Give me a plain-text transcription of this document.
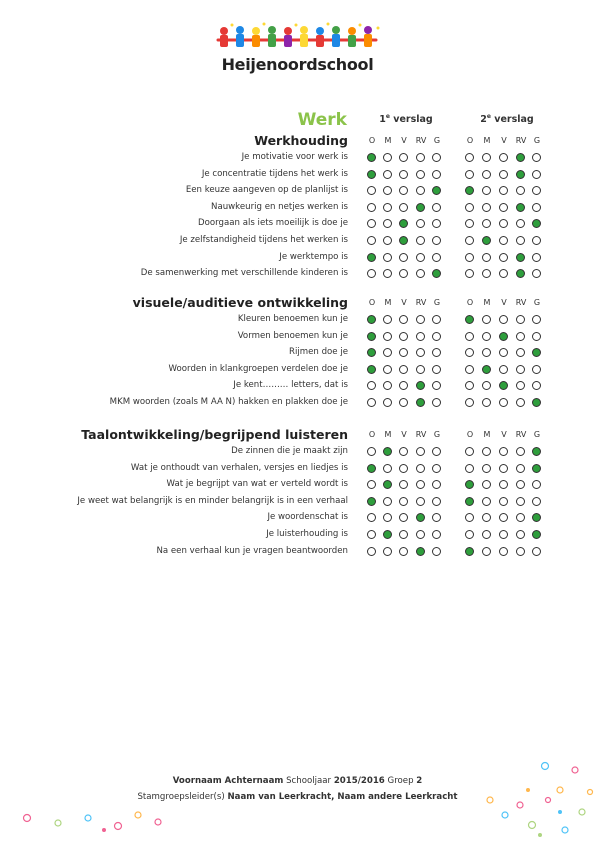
Heijenoordschool
Werk	1e verslag	2e verslag
Werkhouding	O	M	V	RV G	O	M	V	RV G
Je motivatie voor werk is
Je concentratie tijdens het werk is
Een keuze aangeven op de planlijst is
Nauwkeurig en netjes werken is
Doorgaan als iets moeilijk is doe je
Je zelfstandigheid tijdens het werken is
Je werktempo is
De samenwerking met verschillende kinderen is
visuele/auditieve ontwikkeling	O	M	V	RV G	O	M	V	RV G
Kleuren benoemen kun je
Vormen benoemen kun je
Rijmen doe je
Woorden in klankgroepen verdelen doe je
Je kent……… letters, dat is
MKM woorden (zoals M AA N) hakken en plakken doe je
Taalontwikkeling/begrijpend luisteren	O	M	V	RV G	O	M	V	RV G
De zinnen die je maakt zijn
Wat je onthoudt van verhalen, versjes en liedjes is
Wat je begrijpt van wat er verteld wordt is
Je weet wat belangrijk is en minder belangrijk is in een verhaal
Je woordenschat is
Je luisterhouding is
Na een verhaal kun je vragen beantwoorden
Voornaam Achternaam Schooljaar 2015/2016 Groep 2
Stamgroepsleider(s) Naam van Leerkracht, Naam andere Leerkracht
